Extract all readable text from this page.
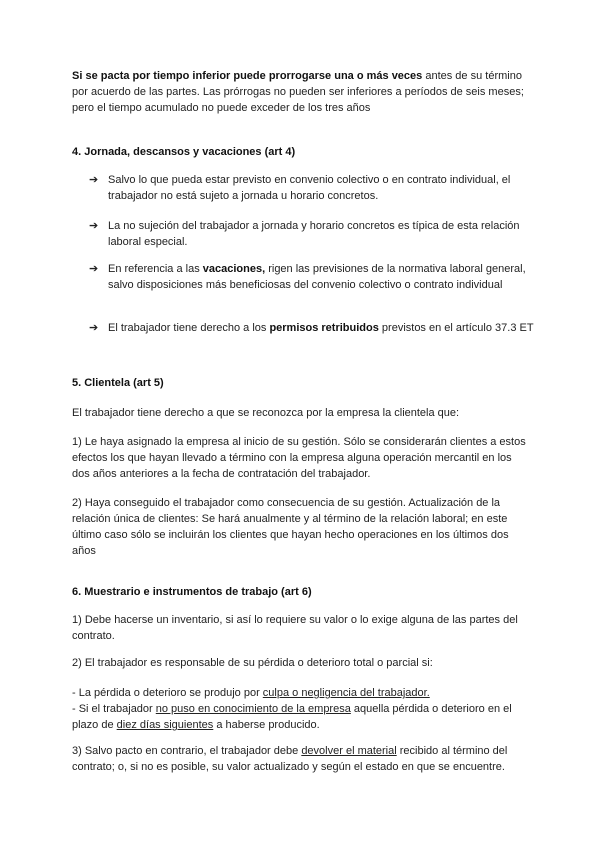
Si se pacta por tiempo inferior puede prorrogarse una o más veces antes de su término por acuerdo de las partes. Las prórrogas no pueden ser inferiores a períodos de seis meses; pero el tiempo acumulado no puede exceder de los tres años

4. Jornada, descansos y vacaciones (art 4)

➔ Salvo lo que pueda estar previsto en convenio colectivo o en contrato individual, el trabajador no está sujeto a jornada u horario concretos.

➔ La no sujeción del trabajador a jornada y horario concretos es típica de esta relación laboral especial.

➔ En referencia a las vacaciones, rigen las previsiones de la normativa laboral general, salvo disposiciones más beneficiosas del convenio colectivo o contrato individual

➔ El trabajador tiene derecho a los permisos retribuidos previstos en el artículo 37.3 ET

5. Clientela (art 5)

El trabajador tiene derecho a que se reconozca por la empresa la clientela que:

1) Le haya asignado la empresa al inicio de su gestión. Sólo se considerarán clientes a estos efectos los que hayan llevado a término con la empresa alguna operación mercantil en los dos años anteriores a la fecha de contratación del trabajador.

2) Haya conseguido el trabajador como consecuencia de su gestión. Actualización de la relación única de clientes: Se hará anualmente y al término de la relación laboral; en este último caso sólo se incluirán los clientes que hayan hecho operaciones en los últimos dos años

6. Muestrario e instrumentos de trabajo (art 6)

1) Debe hacerse un inventario, si así lo requiere su valor o lo exige alguna de las partes del contrato.

2) El trabajador es responsable de su pérdida o deterioro total o parcial si:

- La pérdida o deterioro se produjo por culpa o negligencia del trabajador.
- Si el trabajador no puso en conocimiento de la empresa aquella pérdida o deterioro en el plazo de diez días siguientes a haberse producido.

3) Salvo pacto en contrario, el trabajador debe devolver el material recibido al término del contrato; o, si no es posible, su valor actualizado y según el estado en que se encuentre.
